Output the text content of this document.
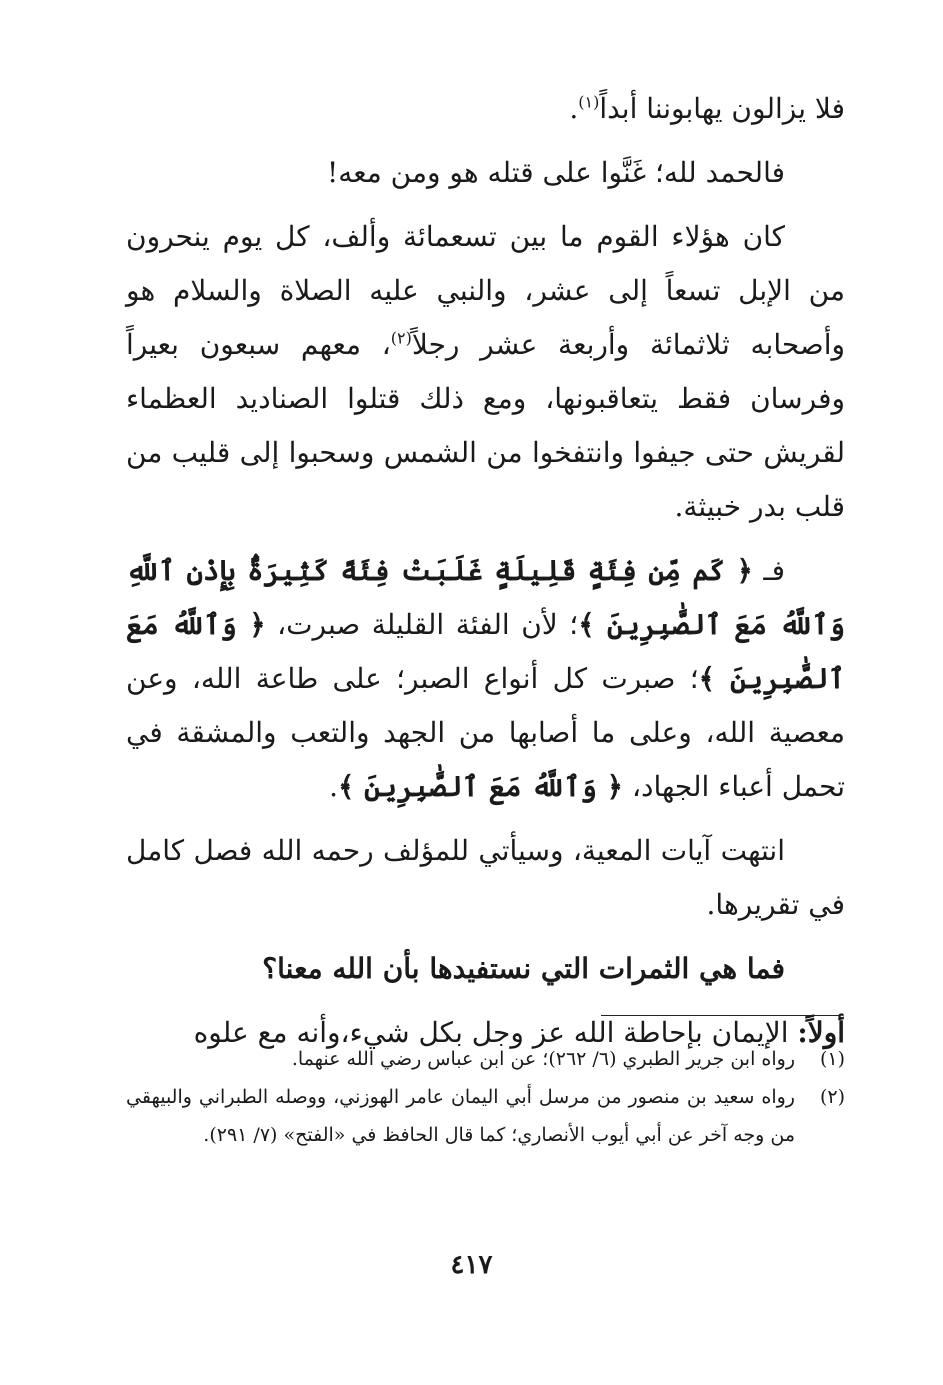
فلا يزالون يهابوننا أبداً$^{(١)}$.

فالحمد لله؛ غَنَّوا على قتله هو ومن معه!

كان هؤلاء القوم ما بين تسعمائة وألف، كل يوم ينحرون من الإبل تسعاً إلى عشر، والنبي عليه الصلاة والسلام هو وأصحابه ثلاثمائة وأربعة عشر رجلاً$^{(٢)}$، معهم سبعون بعيراً وفرسان فقط يتعاقبونها، ومع ذلك قتلوا الصناديد العظماء لقريش حتى جيفوا وانتفخوا من الشمس وسحبوا إلى قليب من قلب بدر خبيثة.

فـ ﴿ كَم مِّن فِئَةٍ قَلِيلَةٍ غَلَبَتْ فِئَةً كَثِيرَةًۢ بِإِذْنِ ٱللَّهِ وَٱللَّهُ مَعَ ٱلصَّٰبِرِينَ ﴾؛ لأن الفئة القليلة صبرت، ﴿ وَٱللَّهُ مَعَ ٱلصَّٰبِرِينَ ﴾؛ صبرت كل أنواع الصبر؛ على طاعة الله، وعن معصية الله، وعلى ما أصابها من الجهد والتعب والمشقة في تحمل أعباء الجهاد، ﴿ وَٱللَّهُ مَعَ ٱلصَّٰبِرِينَ ﴾.

انتهت آيات المعية، وسيأتي للمؤلف رحمه الله فصل كامل في تقريرها.

فما هي الثمرات التي نستفيدها بأن الله معنا؟

أولاً: الإيمان بإحاطة الله عز وجل بكل شيء،وأنه مع علوه

(١)
رواه ابن جرير الطبري (٦/ ٢٦٢)؛ عن ابن عباس رضي الله عنهما.
(٢)
رواه سعيد بن منصور من مرسل أبي اليمان عامر الهوزني، ووصله الطبراني والبيهقي من وجه آخر عن أبي أيوب الأنصاري؛ كما قال الحافظ في «الفتح» (٧/ ٢٩١).
٤١٧
